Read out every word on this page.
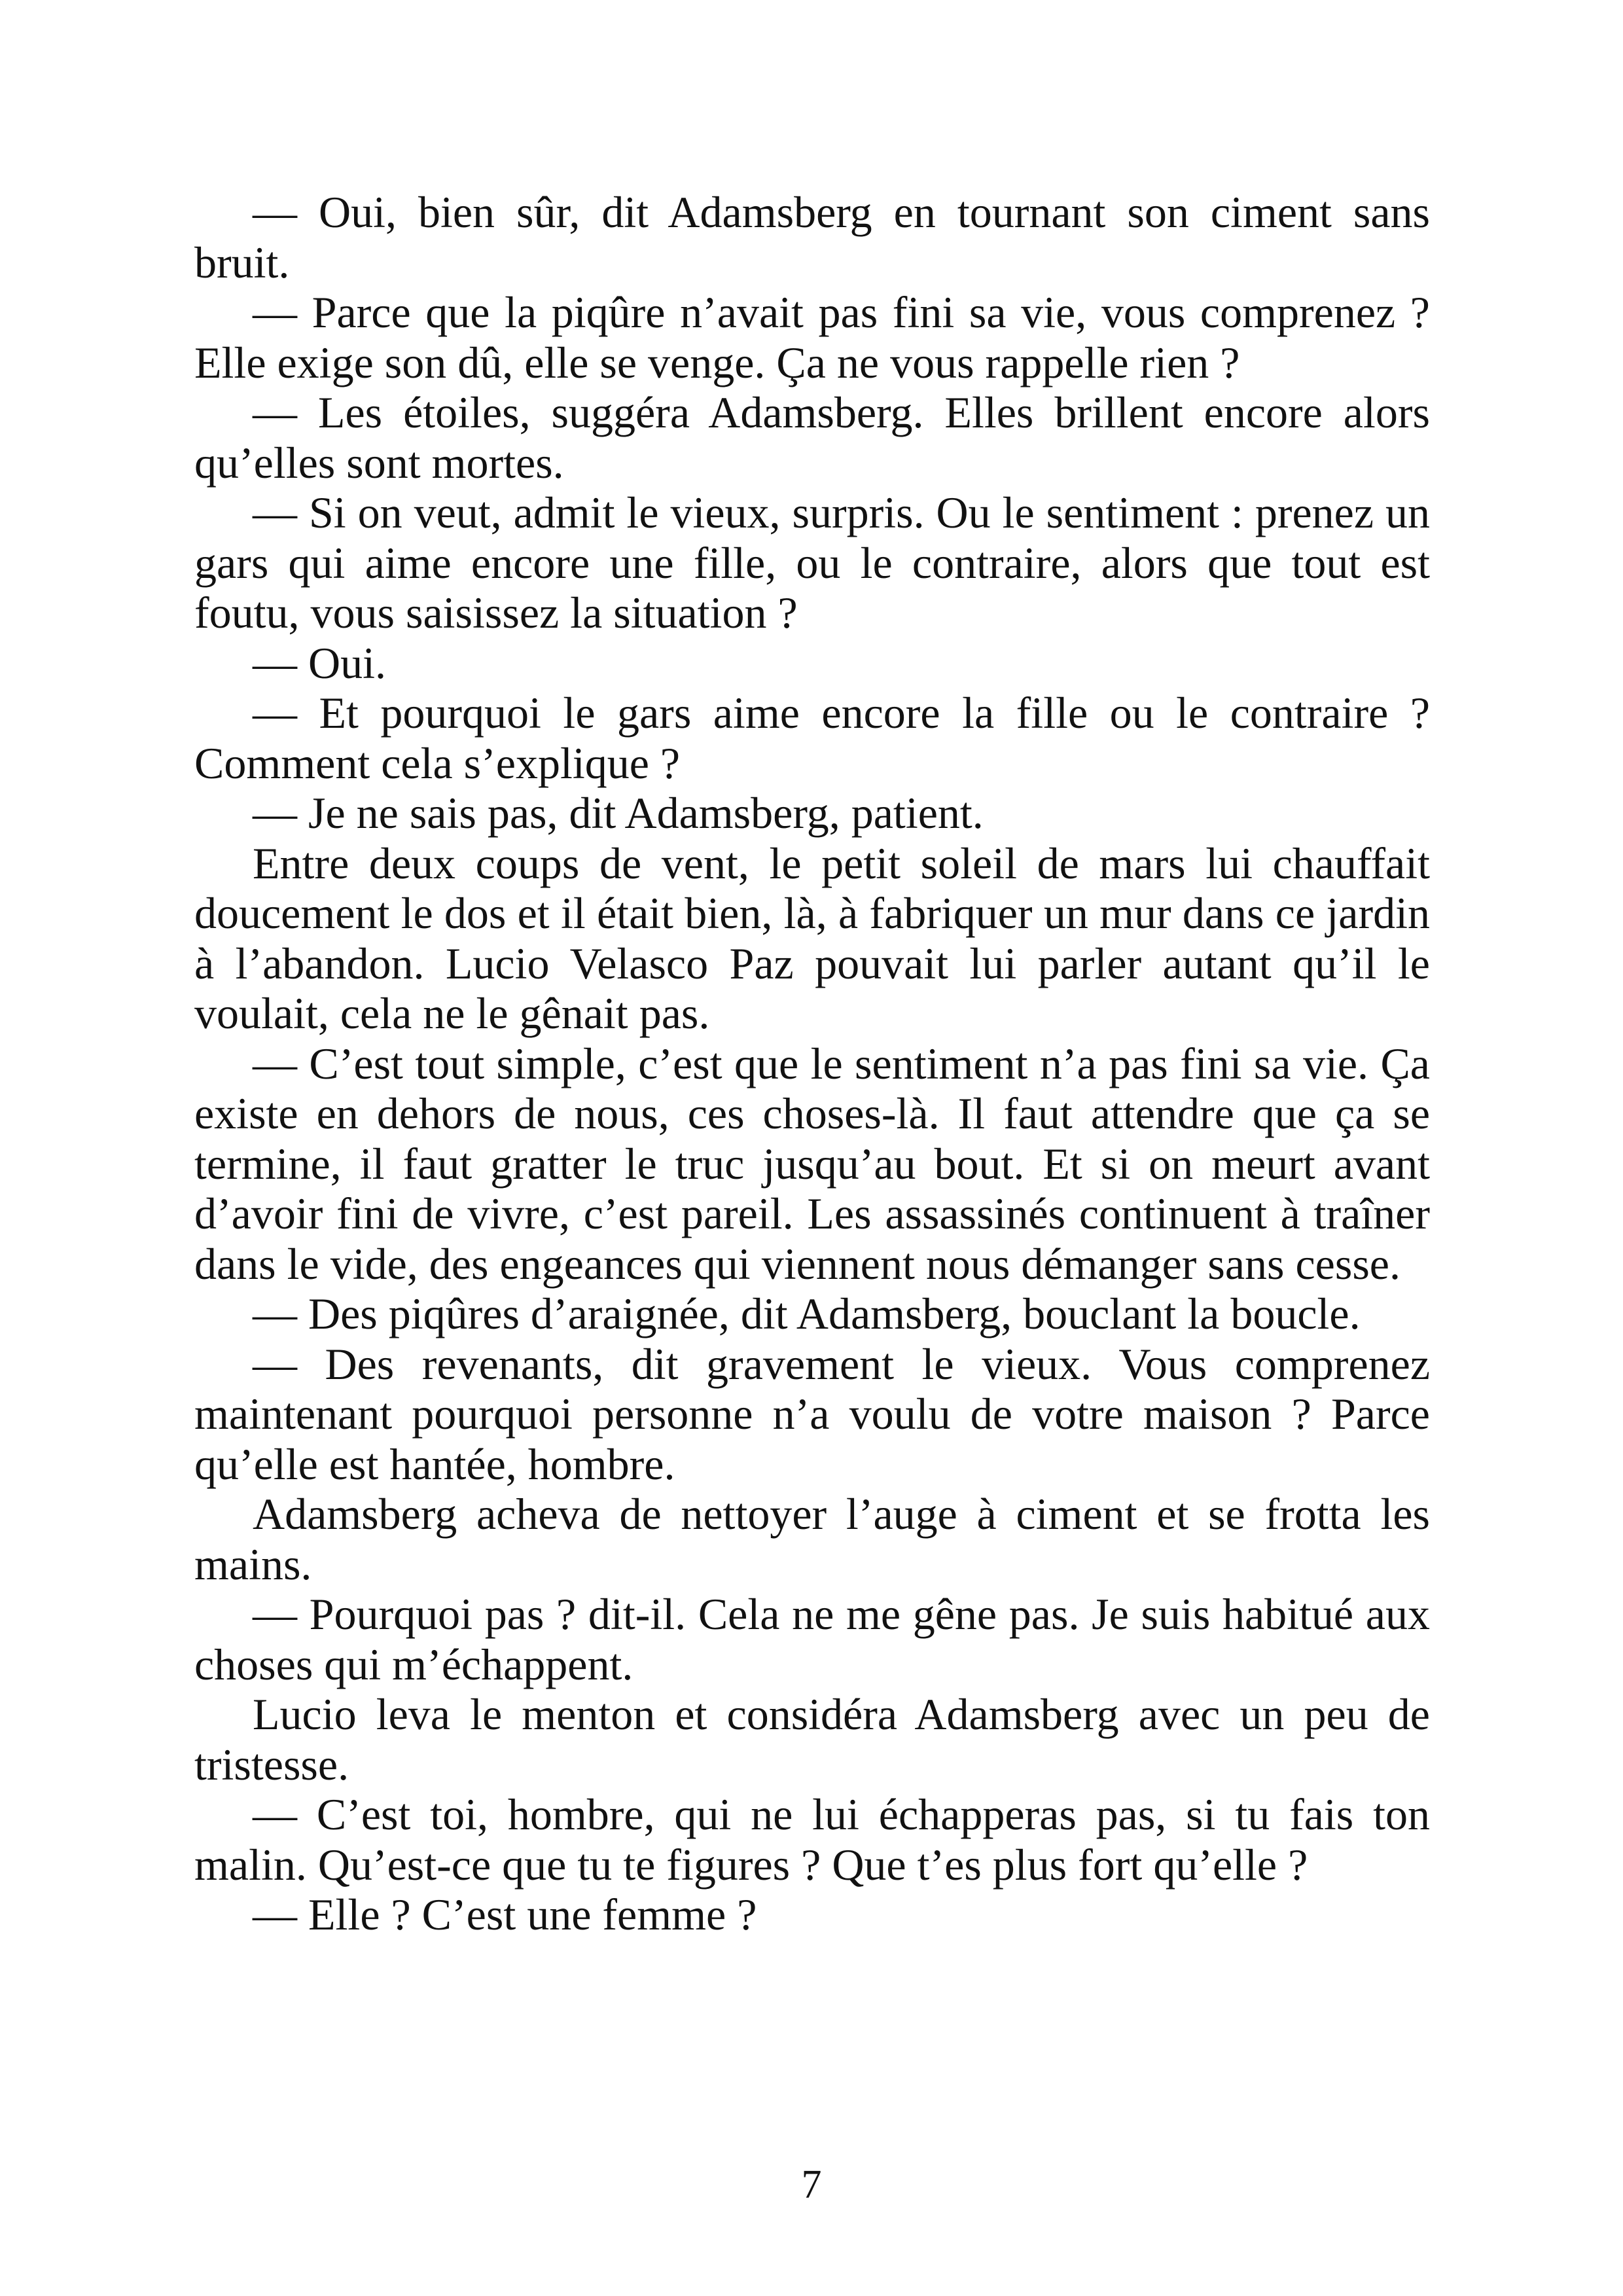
— Oui, bien sûr, dit Adamsberg en tournant son ciment sans bruit.

— Parce que la piqûre n’avait pas fini sa vie, vous comprenez ? Elle exige son dû, elle se venge. Ça ne vous rappelle rien ?

— Les étoiles, suggéra Adamsberg. Elles brillent encore alors qu’elles sont mortes.

— Si on veut, admit le vieux, surpris. Ou le sentiment : prenez un gars qui aime encore une fille, ou le contraire, alors que tout est foutu, vous saisissez la situation ?

— Oui.

— Et pourquoi le gars aime encore la fille ou le contraire ? Comment cela s’explique ?

— Je ne sais pas, dit Adamsberg, patient.

Entre deux coups de vent, le petit soleil de mars lui chauffait doucement le dos et il était bien, là, à fabriquer un mur dans ce jardin à l’abandon. Lucio Velasco Paz pouvait lui parler autant qu’il le voulait, cela ne le gênait pas.

— C’est tout simple, c’est que le sentiment n’a pas fini sa vie. Ça existe en dehors de nous, ces choses-là. Il faut attendre que ça se termine, il faut gratter le truc jusqu’au bout. Et si on meurt avant d’avoir fini de vivre, c’est pareil. Les assassinés continuent à traîner dans le vide, des engeances qui viennent nous démanger sans cesse.

— Des piqûres d’araignée, dit Adamsberg, bouclant la boucle.

— Des revenants, dit gravement le vieux. Vous comprenez maintenant pourquoi personne n’a voulu de votre maison ? Parce qu’elle est hantée, hombre.

Adamsberg acheva de nettoyer l’auge à ciment et se frotta les mains.

— Pourquoi pas ? dit-il. Cela ne me gêne pas. Je suis habitué aux choses qui m’échappent.

Lucio leva le menton et considéra Adamsberg avec un peu de tristesse.

— C’est toi, hombre, qui ne lui échapperas pas, si tu fais ton malin. Qu’est-ce que tu te figures ? Que t’es plus fort qu’elle ?

— Elle ? C’est une femme ?

7
